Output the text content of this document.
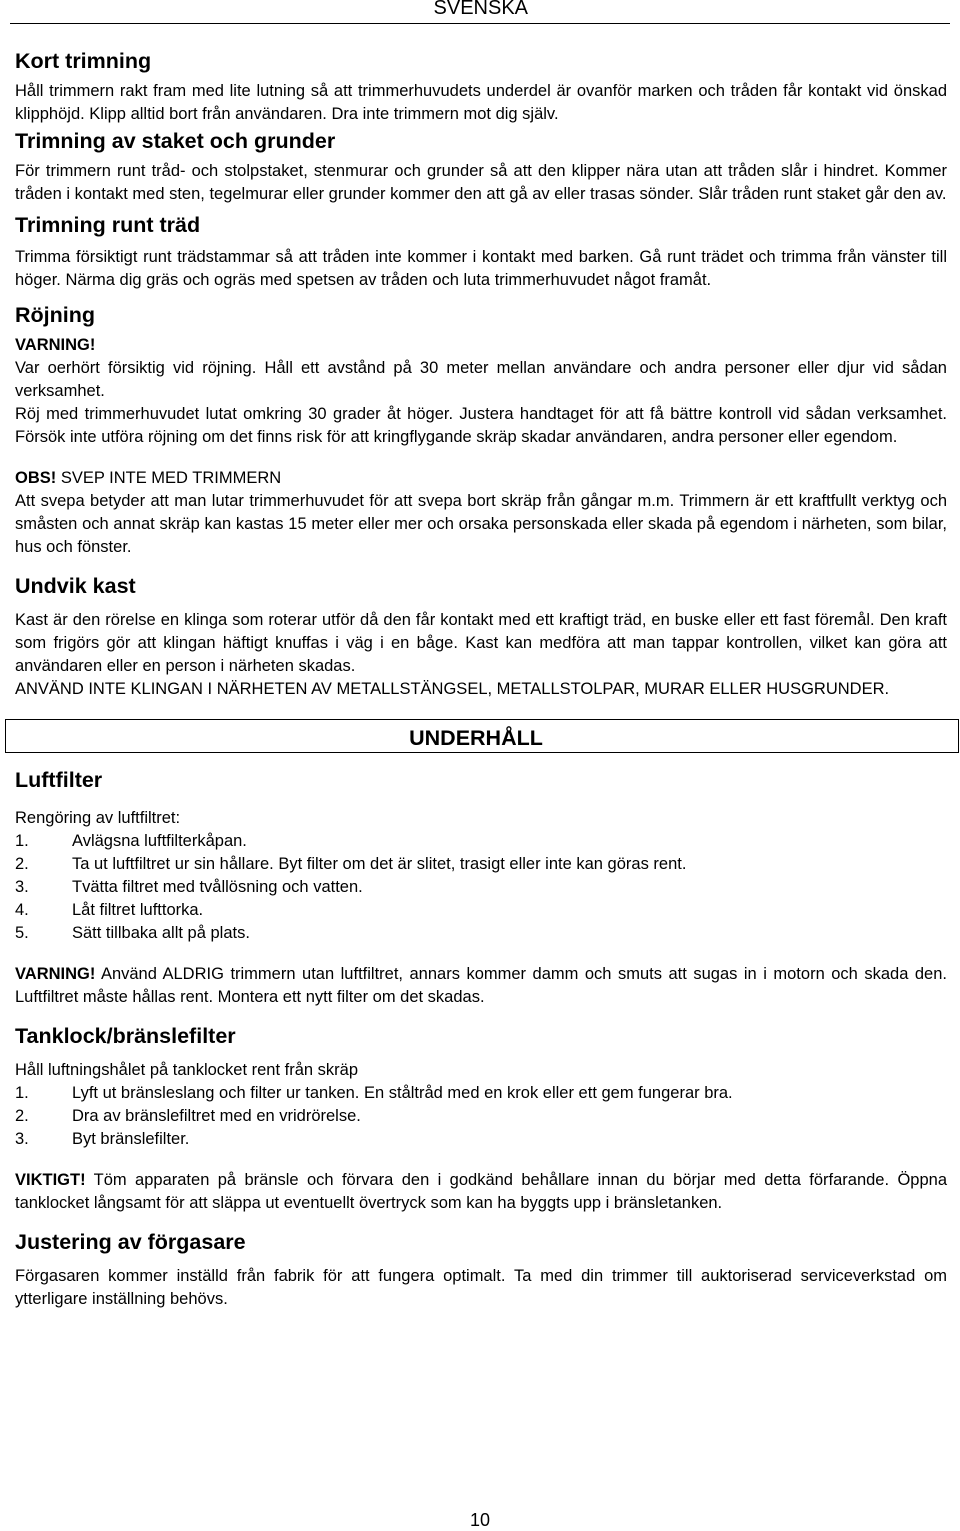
SVENSKA
Kort trimning

Håll trimmern rakt fram med lite lutning så att trimmerhuvudets underdel är ovanför marken och tråden får kontakt vid önskad klipphöjd. Klipp alltid bort från användaren. Dra inte trimmern mot dig själv.

Trimning av staket och grunder

För trimmern runt tråd- och stolpstaket, stenmurar och grunder så att den klipper nära utan att tråden slår i hindret. Kommer tråden i kontakt med sten, tegelmurar eller grunder kommer den att gå av eller trasas sönder. Slår tråden runt staket går den av.

Trimning runt träd

Trimma försiktigt runt trädstammar så att tråden inte kommer i kontakt med barken. Gå runt trädet och trimma från vänster till höger. Närma dig gräs och ogräs med spetsen av tråden och luta trimmerhuvudet något framåt.

Röjning

VARNING!

Var oerhört försiktig vid röjning. Håll ett avstånd på 30 meter mellan användare och andra personer eller djur vid sådan verksamhet.

Röj med trimmerhuvudet lutat omkring 30 grader åt höger. Justera handtaget för att få bättre kontroll vid sådan verksamhet. Försök inte utföra röjning om det finns risk för att kringflygande skräp skadar användaren, andra personer eller egendom.

OBS! SVEP INTE MED TRIMMERN

Att svepa betyder att man lutar trimmerhuvudet för att svepa bort skräp från gångar m.m. Trimmern är ett kraftfullt verktyg och småsten och annat skräp kan kastas 15 meter eller mer och orsaka personskada eller skada på egendom i närheten, som bilar, hus och fönster.

Undvik kast

Kast är den rörelse en klinga som roterar utför då den får kontakt med ett kraftigt träd, en buske eller ett fast föremål. Den kraft som frigörs gör att klingan häftigt knuffas i väg i en båge. Kast kan medföra att man tappar kontrollen, vilket kan göra att användaren eller en person i närheten skadas.

ANVÄND INTE KLINGAN I NÄRHETEN AV METALLSTÄNGSEL, METALLSTOLPAR, MURAR ELLER HUSGRUNDER.

UNDERHÅLL
Luftfilter

Rengöring av luftfiltret:

1.	Avlägsna luftfilterkåpan.
2.	Ta ut luftfiltret ur sin hållare. Byt filter om det är slitet, trasigt eller inte kan göras rent.
3.	Tvätta filtret med tvållösning och vatten.
4.	Låt filtret lufttorka.
5.	Sätt tillbaka allt på plats.

VARNING! Använd ALDRIG trimmern utan luftfiltret, annars kommer damm och smuts att sugas in i motorn och skada den. Luftfiltret måste hållas rent. Montera ett nytt filter om det skadas.

Tanklock/bränslefilter

Håll luftningshålet på tanklocket rent från skräp

1.	Lyft ut bränsleslang och filter ur tanken. En ståltråd med en krok eller ett gem fungerar bra.
2.	Dra av bränslefiltret med en vridrörelse.
3.	Byt bränslefilter.

VIKTIGT! Töm apparaten på bränsle och förvara den i godkänd behållare innan du börjar med detta förfarande. Öppna tanklocket långsamt för att släppa ut eventuellt övertryck som kan ha byggts upp i bränsletanken.

Justering av förgasare

Förgasaren kommer inställd från fabrik för att fungera optimalt. Ta med din trimmer till auktoriserad serviceverkstad om ytterligare inställning behövs.

10
